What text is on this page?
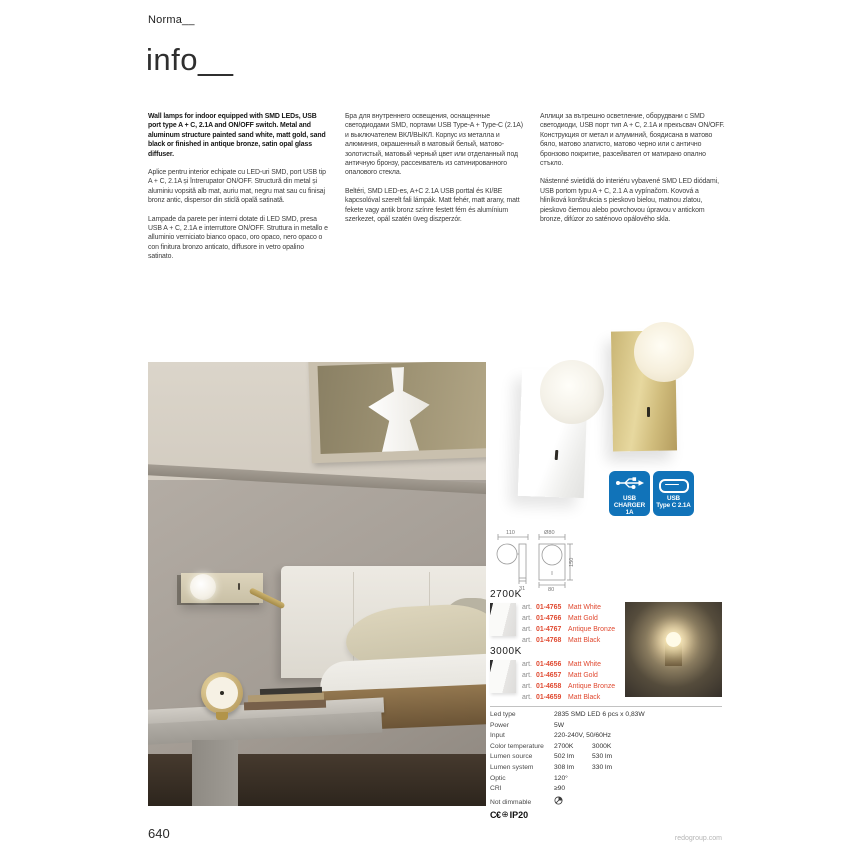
Norma__
info__

Wall lamps for indoor equipped with SMD LEDs, USB port type A + C, 2.1A and ON/OFF switch. Metal and aluminum structure painted sand white, matt gold, sand black or finished in antique bronze, satin opal glass diffuser.

Aplice pentru interior echipate cu LED-uri SMD, port USB tip A + C, 2.1A și întrerupator ON/OFF. Structură din metal și aluminiu vopsită alb mat, auriu mat, negru mat sau cu finisaj bronz antic, dispersor din sticlă opală satinată.

Lampade da parete per interni dotate di LED SMD, presa USB A + C, 2.1A e interruttore ON/OFF. Struttura in metallo e alluminio verniciato bianco opaco, oro opaco, nero opaco o con finitura bronzo anticato, diffusore in vetro opalino satinato.

Бра для внутреннего освещения, оснащенные светодиодами SMD, портами USB Type-A + Type-C (2.1A) и выключателем ВКЛ/ВЫКЛ. Корпус из металла и алюминия, окрашенный в матовый белый, матово-золотистый, матовый черный цвет или отделанный под античную бронзу, рассеиватель из сатинированного опалового стекла.

Beltéri, SMD LED-es, A+C 2.1A USB porttal és KI/BE kapcsolóval szerelt fali lámpák. Matt fehér, matt arany, matt fekete vagy antik bronz színre festett fém és alumínium szerkezet, opál szatén üveg diszperzór.

Аплици за вътрешно осветление, оборудвани с SMD светодиоди, USB порт тип A + C, 2.1A и прекъсвач ON/OFF. Конструкция от метал и алуминий, боядисана в матово бяло, матово златисто, матово черно или с антично бронзово покритие, разсейвател от матирано опално стъкло.

Nástenné svietidlá do interiéru vybavené SMD LED diódami, USB portom typu A + C, 2.1 A a vypínačom. Kovová a hliníková konštrukcia s pieskovo bielou, matnou zlatou, pieskovo čiernou alebo povrchovou úpravou v antickom bronze, difúzor zo saténovo opálového skla.

USB
CHARGER
1A
USB
Type C 2.1A
110
31
Ø80
150
80
2700K
art. 01-4765 Matt White
art. 01-4766 Matt Gold
art. 01-4767 Antique Bronze
art. 01-4768 Matt Black
3000K
art. 01-4656 Matt White
art. 01-4657 Matt Gold
art. 01-4658 Antique Bronze
art. 01-4659 Matt Black
Led type	2835 SMD LED 6 pcs x 0,83W
Power	5W
Input	220-240V, 50/60Hz
Color temperature	2700K	3000K
Lumen source	502 lm	530 lm
Lumen system	308 lm	330 lm
Optic	120°
CRI	≥90
Not dimmable
C€ ⊕ IP20
640	redogroup.com
